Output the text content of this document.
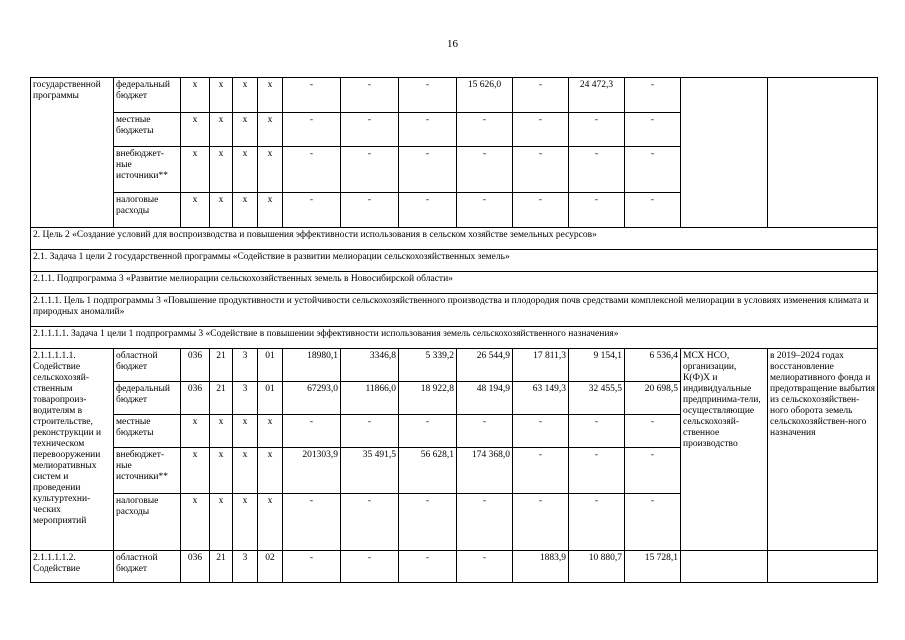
16
государственной программы	федеральный бюджет	х	х	х	х	-	-	-	15 626,0	-	24 472,3	-		
	местные бюджеты	х	х	х	х	-	-	-	-	-	-	-		
	внебюджет-ные источники**	х	х	х	х	-	-	-	-	-	-	-		
	налоговые расходы	х	х	х	х	-	-	-	-	-	-	-		
2. Цель 2 «Создание условий для воспроизводства и повышения эффективности использования в сельском хозяйстве земельных ресурсов»														
2.1. Задача 1 цели 2 государственной программы «Содействие в развитии мелиорации сельскохозяйственных земель»														
2.1.1. Подпрограмма 3 «Развитие мелиорации сельскохозяйственных земель в Новосибирской области»														
2.1.1.1. Цель 1 подпрограммы 3 «Повышение продуктивности и устойчивости сельскохозяйственного производства и плодородия почв средствами комплексной мелиорации в условиях изменения климата и природных аномалий»														
2.1.1.1.1. Задача 1 цели 1 подпрограммы 3 «Содействие в повышении эффективности использования земель сельскохозяйственного назначения»														
2.1.1.1.1.1. Содействие сельскохозяй-ственным товаропроиз-водителям в строительстве, реконструкции и техническом перевооружении мелиоративных систем и проведении культуртехни-ческих мероприятий	областной бюджет	036	21	3	01	18980,1	3346,8	5 339,2	26 544,9	17 811,3	9 154,1	6 536,4	МСХ НСО, организации, К(Ф)Х и индивидуальные предпринима-тели, осуществляющие сельскохозяй-ственное производство	в 2019–2024 годах восстановление мелиоративного фонда и предотвращение выбытия из сельскохозяйствен-ного оборота земель сельскохозяйствен-ного назначения
	федеральный бюджет	036	21	3	01	67293,0	11866,0	18 922,8	48 194,9	63 149,3	32 455,5	20 698,5		
	местные бюджеты	х	х	х	х	-	-	-	-	-	-	-		
	внебюджет-ные источники**	х	х	х	х	201303,9	35 491,5	56 628,1	174 368,0	-	-	-		
	налоговые расходы	х	х	х	х	-	-	-	-	-	-	-		
2.1.1.1.1.2. Содействие	областной бюджет	036	21	3	02	-	-	-	-	1883,9	10 880,7	15 728,1		
